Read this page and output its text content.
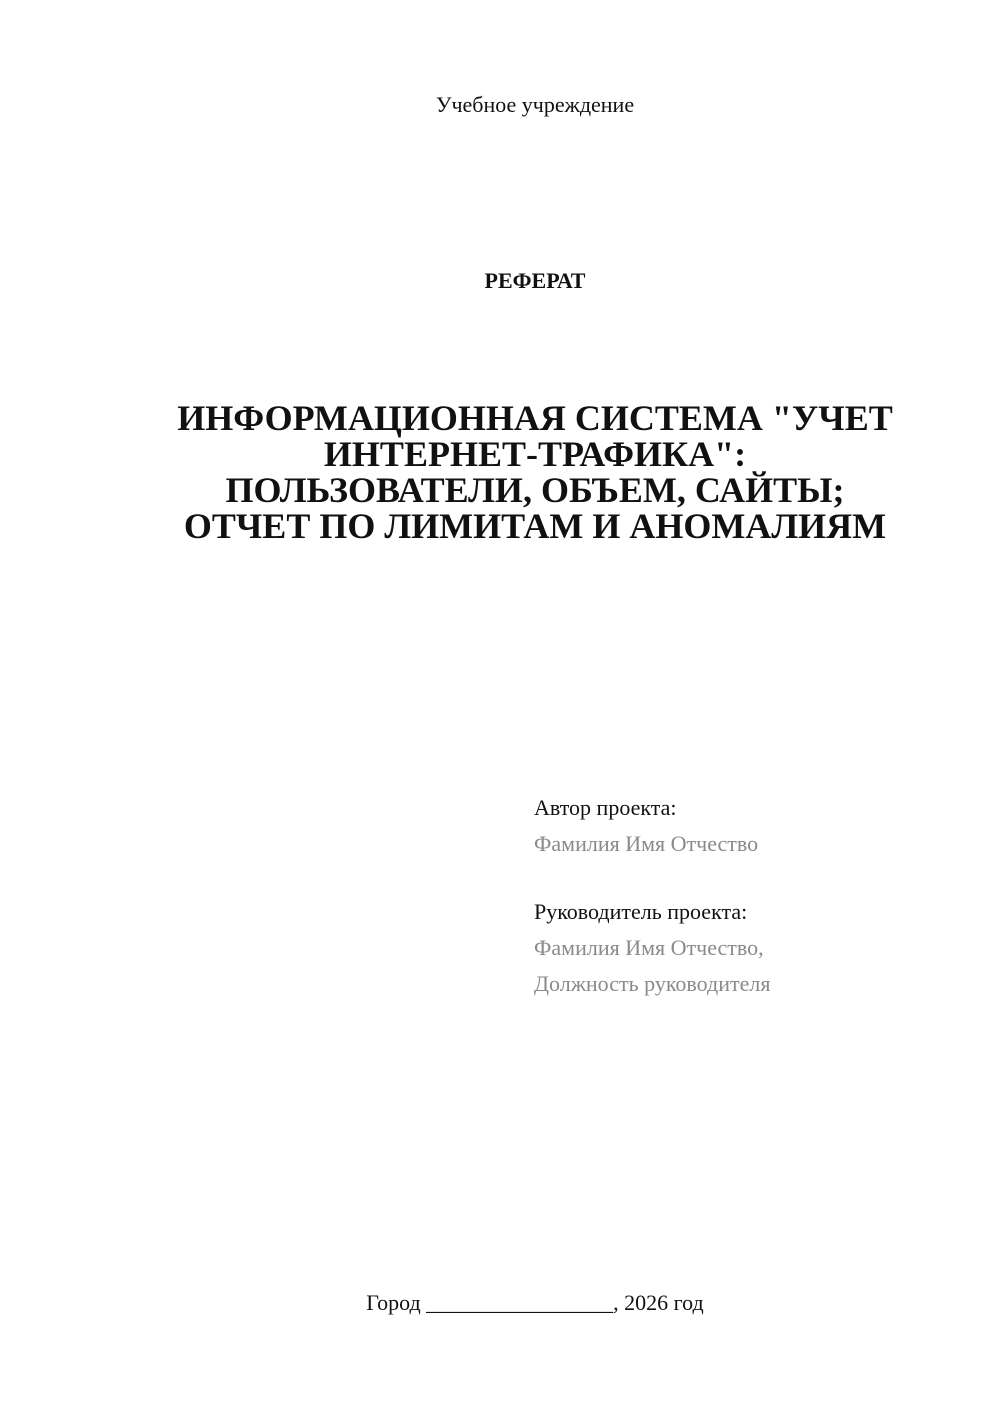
Учебное учреждение
РЕФЕРАТ
ИНФОРМАЦИОННАЯ СИСТЕМА "УЧЕТ
ИНТЕРНЕТ-ТРАФИКА":
ПОЛЬЗОВАТЕЛИ, ОБЪЕМ, САЙТЫ;
ОТЧЕТ ПО ЛИМИТАМ И АНОМАЛИЯМ
Автор проекта:
Фамилия Имя Отчество
Руководитель проекта:
Фамилия Имя Отчество,
Должность руководителя
Город _________________, 2026 год
